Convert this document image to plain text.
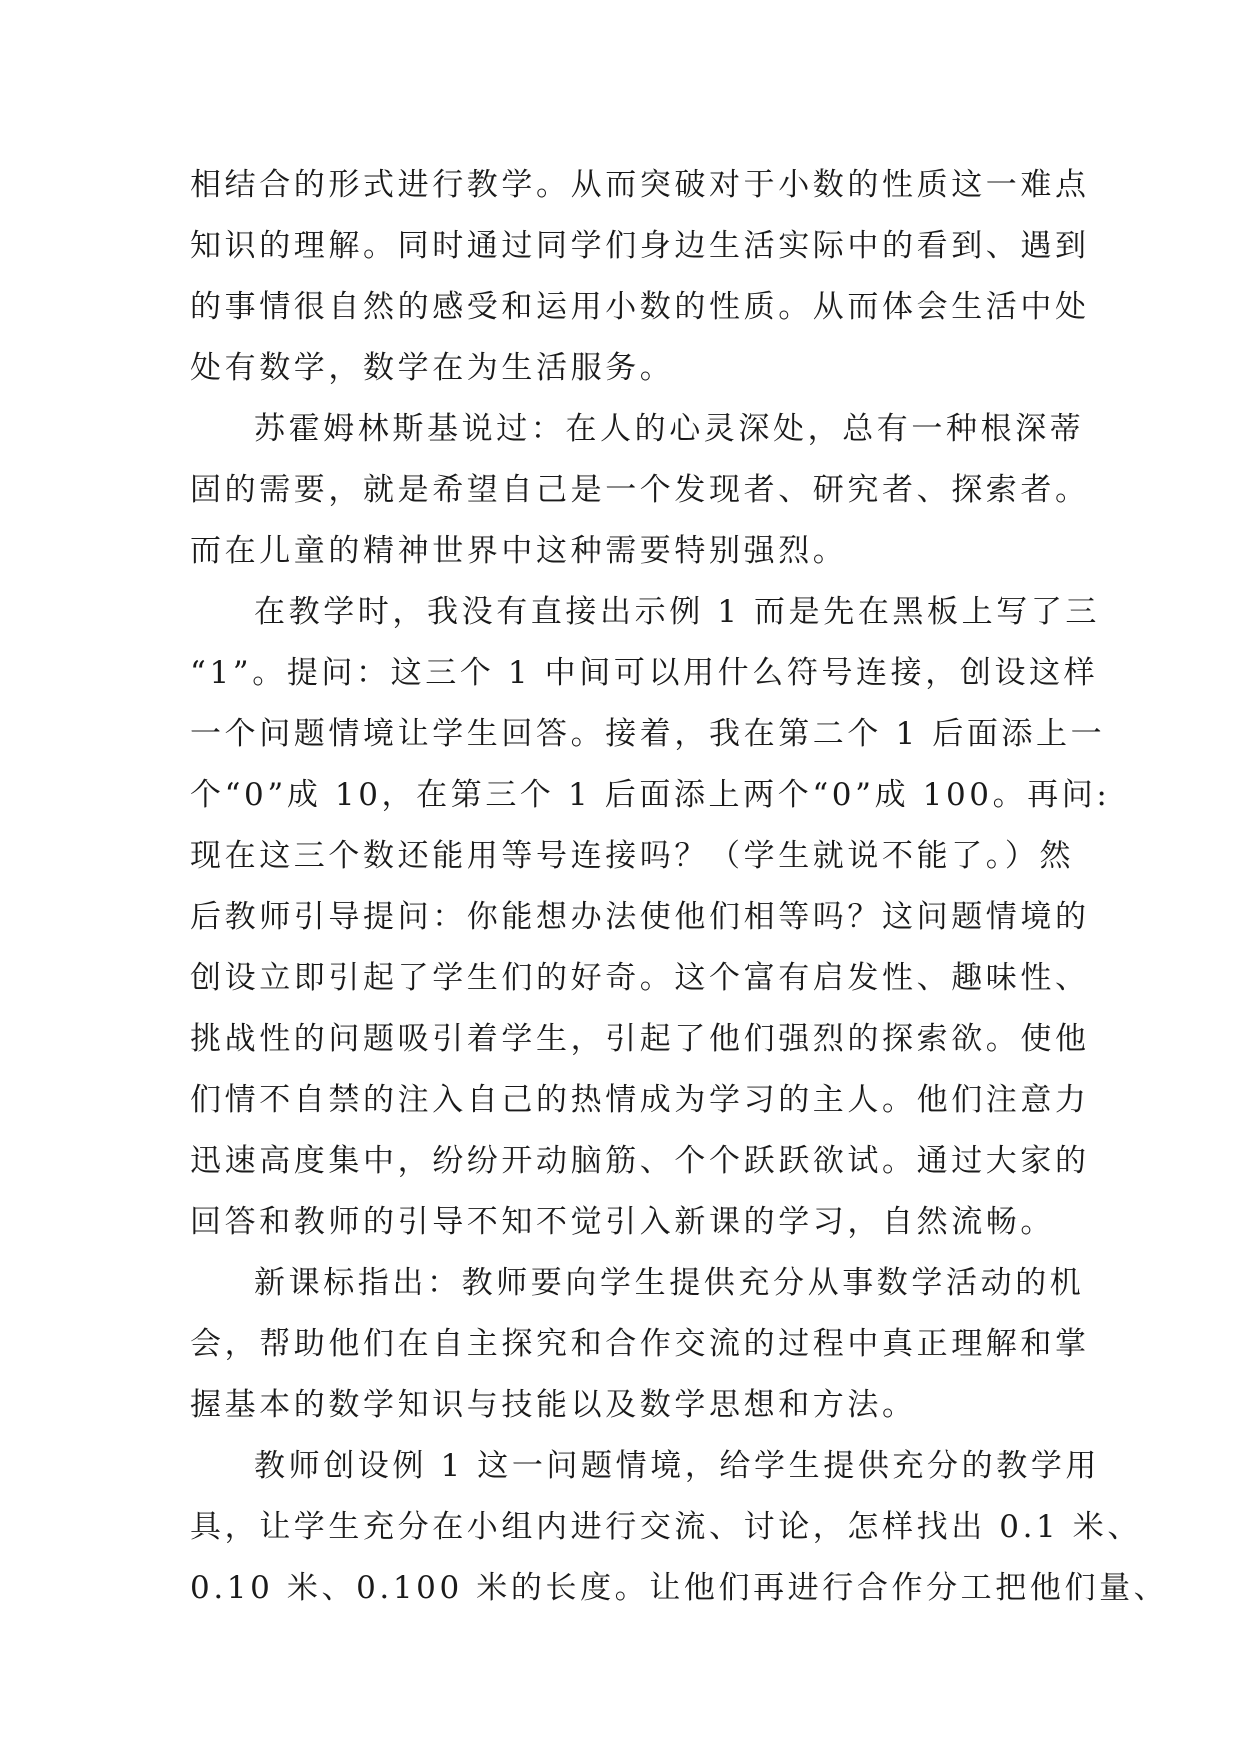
相结合的形式进行教学。从而突破对于小数的性质这一难点

知识的理解。同时通过同学们身边生活实际中的看到、遇到

的事情很自然的感受和运用小数的性质。从而体会生活中处

处有数学，数学在为生活服务。

苏霍姆林斯基说过：在人的心灵深处，总有一种根深蒂

固的需要，就是希望自己是一个发现者、研究者、探索者。

而在儿童的精神世界中这种需要特别强烈。

在教学时，我没有直接出示例 1 而是先在黑板上写了三

“1”。提问：这三个 1 中间可以用什么符号连接，创设这样

一个问题情境让学生回答。接着，我在第二个 1 后面添上一

个“0”成 10，在第三个 1 后面添上两个“0”成 100。再问:

现在这三个数还能用等号连接吗？（学生就说不能了。）然

后教师引导提问：你能想办法使他们相等吗？这问题情境的

创设立即引起了学生们的好奇。这个富有启发性、趣味性、

挑战性的问题吸引着学生，引起了他们强烈的探索欲。使他

们情不自禁的注入自己的热情成为学习的主人。他们注意力

迅速高度集中，纷纷开动脑筋、个个跃跃欲试。通过大家的

回答和教师的引导不知不觉引入新课的学习，自然流畅。

新课标指出：教师要向学生提供充分从事数学活动的机

会，帮助他们在自主探究和合作交流的过程中真正理解和掌

握基本的数学知识与技能以及数学思想和方法。

教师创设例 1 这一问题情境，给学生提供充分的教学用

具，让学生充分在小组内进行交流、讨论，怎样找出 0.1 米、

0.10 米、0.100 米的长度。让他们再进行合作分工把他们量、
